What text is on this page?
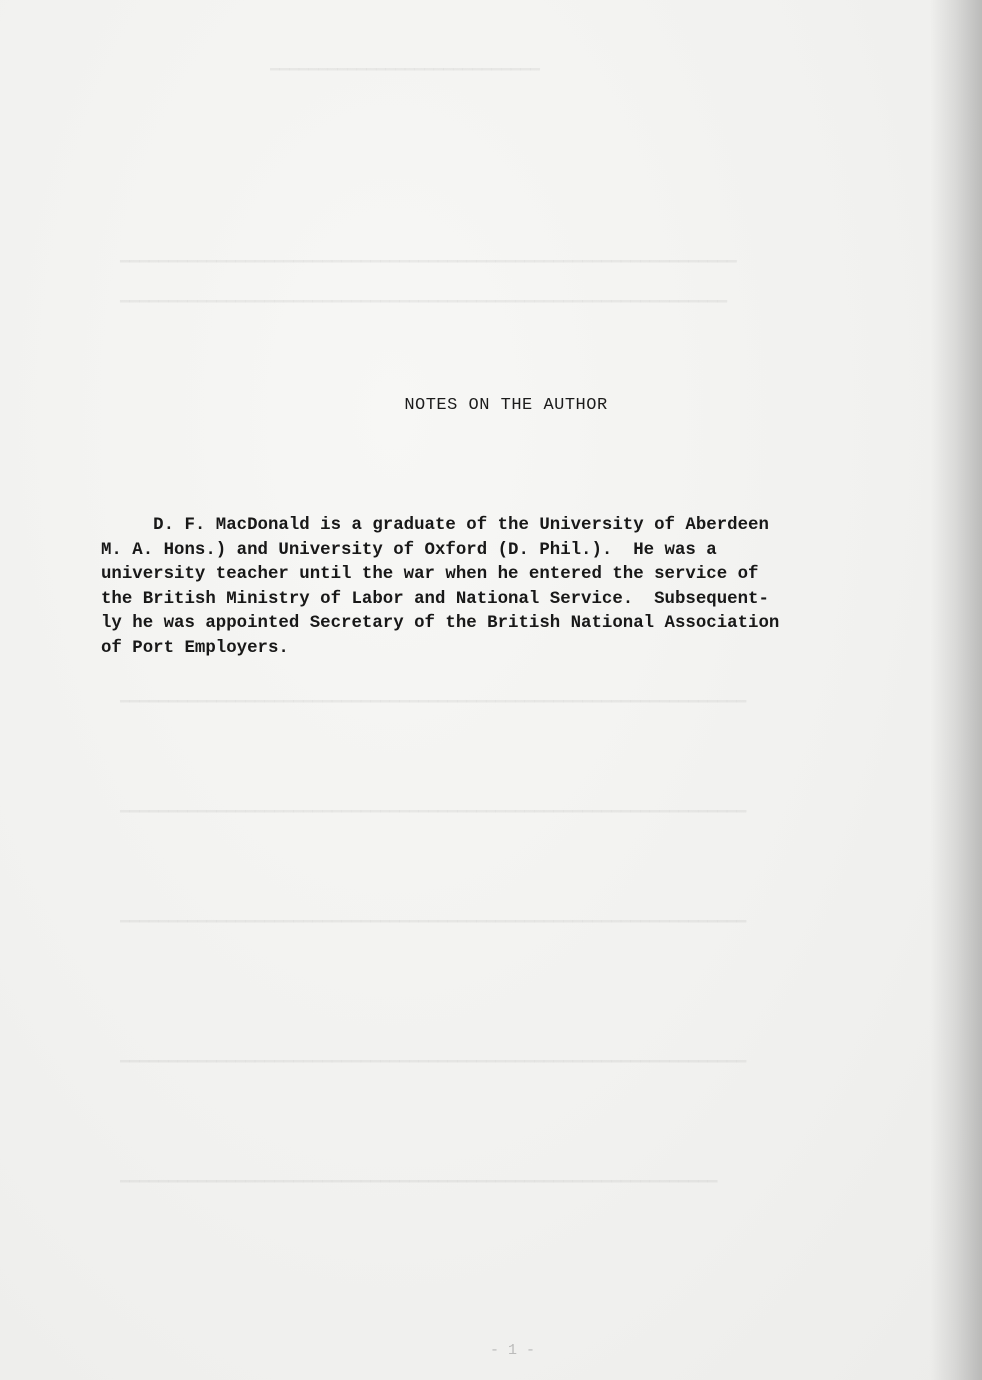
▔▔▔▔▔▔▔▔▔▔▔▔▔▔▔▔▔▔▔▔▔▔▔▔▔▔▔▔
▔▔▔▔▔▔▔▔▔▔▔▔▔▔▔▔▔▔▔▔▔▔▔▔▔▔▔▔▔▔▔▔▔▔▔▔▔▔▔▔▔▔▔▔▔▔▔▔▔▔▔▔▔▔▔▔▔▔▔▔▔▔▔▔
▔▔▔▔▔▔▔▔▔▔▔▔▔▔▔▔▔▔▔▔▔▔▔▔▔▔▔▔▔▔▔▔▔▔▔▔▔▔▔▔▔▔▔▔▔▔▔▔▔▔▔▔▔▔▔▔▔▔▔▔▔▔▔
▔▔▔▔▔▔▔▔▔▔▔▔▔▔▔▔▔▔▔▔▔▔▔▔▔▔▔▔▔▔▔▔▔▔▔▔▔▔▔▔▔▔▔▔▔▔▔▔▔▔▔▔▔▔▔▔▔▔▔▔▔▔▔▔▔
▔▔▔▔▔▔▔▔▔▔▔▔▔▔▔▔▔▔▔▔▔▔▔▔▔▔▔▔▔▔▔▔▔▔▔▔▔▔▔▔▔▔▔▔▔▔▔▔▔▔▔▔▔▔▔▔▔▔▔▔▔▔▔▔▔
▔▔▔▔▔▔▔▔▔▔▔▔▔▔▔▔▔▔▔▔▔▔▔▔▔▔▔▔▔▔▔▔▔▔▔▔▔▔▔▔▔▔▔▔▔▔▔▔▔▔▔▔▔▔▔▔▔▔▔▔▔▔▔▔▔
▔▔▔▔▔▔▔▔▔▔▔▔▔▔▔▔▔▔▔▔▔▔▔▔▔▔▔▔▔▔▔▔▔▔▔▔▔▔▔▔▔▔▔▔▔▔▔▔▔▔▔▔▔▔▔▔▔▔▔▔▔▔▔▔▔
▔▔▔▔▔▔▔▔▔▔▔▔▔▔▔▔▔▔▔▔▔▔▔▔▔▔▔▔▔▔▔▔▔▔▔▔▔▔▔▔▔▔▔▔▔▔▔▔▔▔▔▔▔▔▔▔▔▔▔▔▔▔
NOTES ON THE AUTHOR
D. F. MacDonald is a graduate of the University of Aberdeen
M. A. Hons.) and University of Oxford (D. Phil.).  He was a
university teacher until the war when he entered the service of
the British Ministry of Labor and National Service.  Subsequent-
ly he was appointed Secretary of the British National Association
of Port Employers.
- 1 -
